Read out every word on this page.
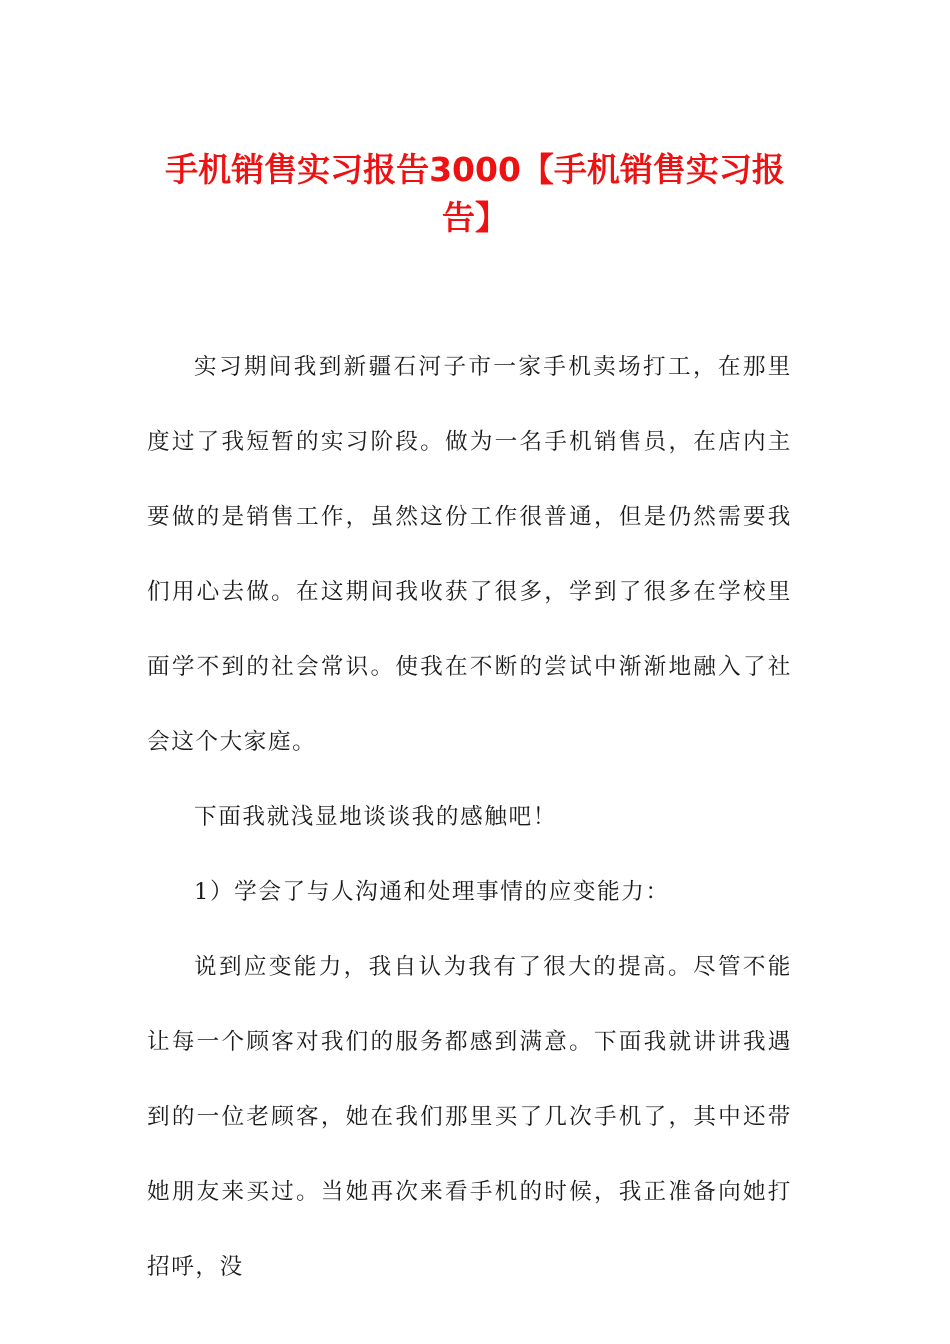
手机销售实习报告3000【手机销售实习报告】

实习期间我到新疆石河子市一家手机卖场打工，在那里度过了我短暂的实习阶段。做为一名手机销售员，在店内主要做的是销售工作，虽然这份工作很普通，但是仍然需要我们用心去做。在这期间我收获了很多，学到了很多在学校里面学不到的社会常识。使我在不断的尝试中渐渐地融入了社会这个大家庭。

下面我就浅显地谈谈我的感触吧！

1）学会了与人沟通和处理事情的应变能力：

说到应变能力，我自认为我有了很大的提高。尽管不能让每一个顾客对我们的服务都感到满意。下面我就讲讲我遇到的一位老顾客，她在我们那里买了几次手机了，其中还带她朋友来买过。当她再次来看手机的时候，我正准备向她打招呼，没
